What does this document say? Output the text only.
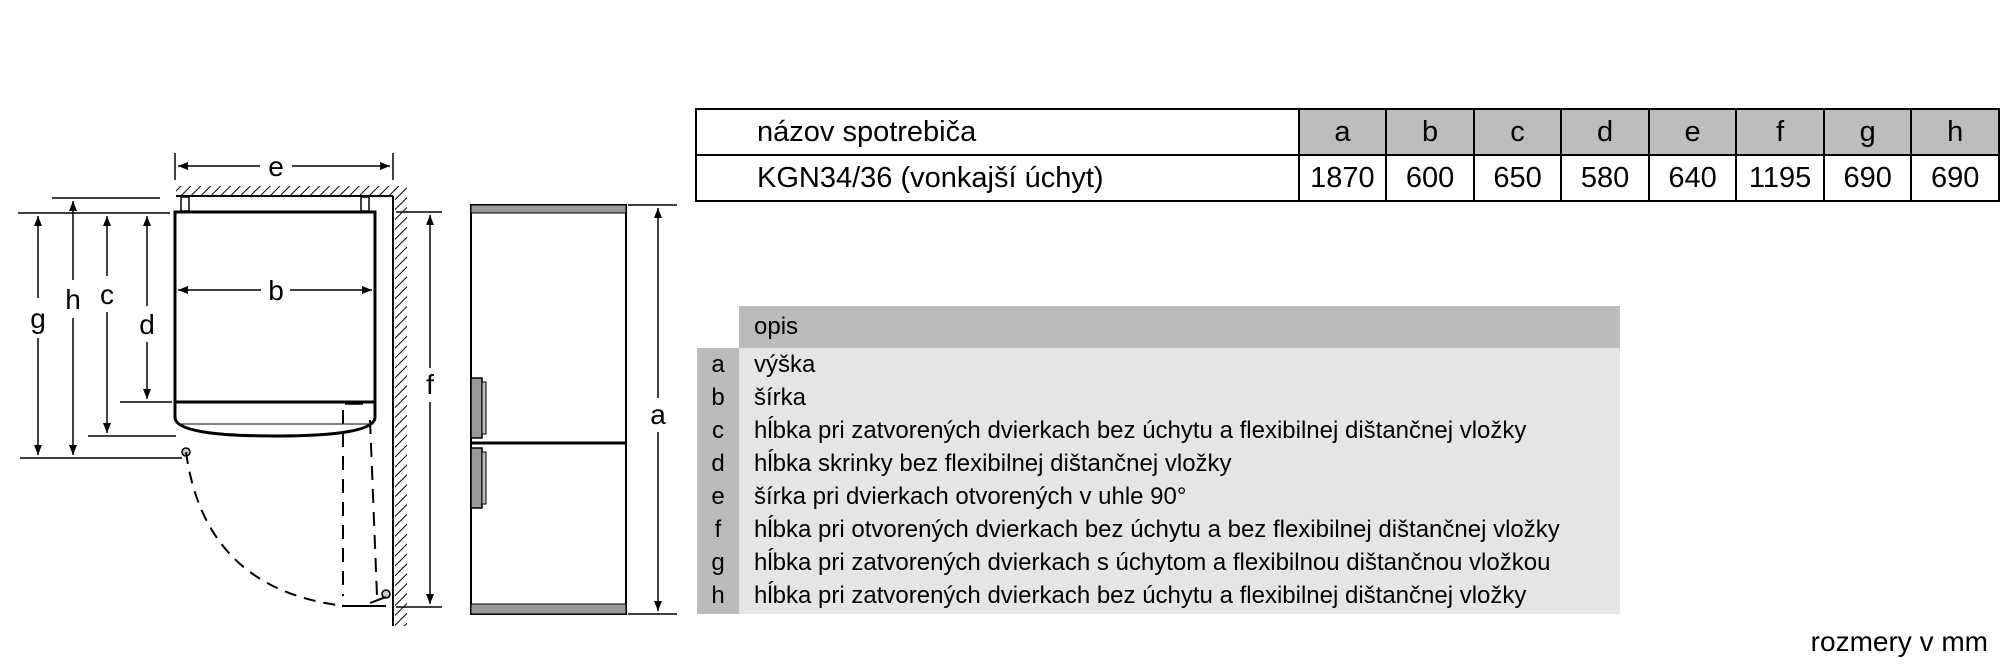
e
b
g
h c
d
f
a
názov spotrebiča	a	b	c	d	e	f	g	h
KGN34/36 (vonkajší úchyt)	1870	600	650	580	640	1195	690	690
opis
a	výška
b	šírka
c	hĺbka pri zatvorených dvierkach bez úchytu a flexibilnej dištančnej vložky
d	hĺbka skrinky bez flexibilnej dištančnej vložky
e	šírka pri dvierkach otvorených v uhle 90°
f	hĺbka pri otvorených dvierkach bez úchytu a bez flexibilnej dištančnej vložky
g	hĺbka pri zatvorených dvierkach s úchytom a flexibilnou dištančnou vložkou
h	hĺbka pri zatvorených dvierkach bez úchytu a flexibilnej dištančnej vložky
rozmery v mm
